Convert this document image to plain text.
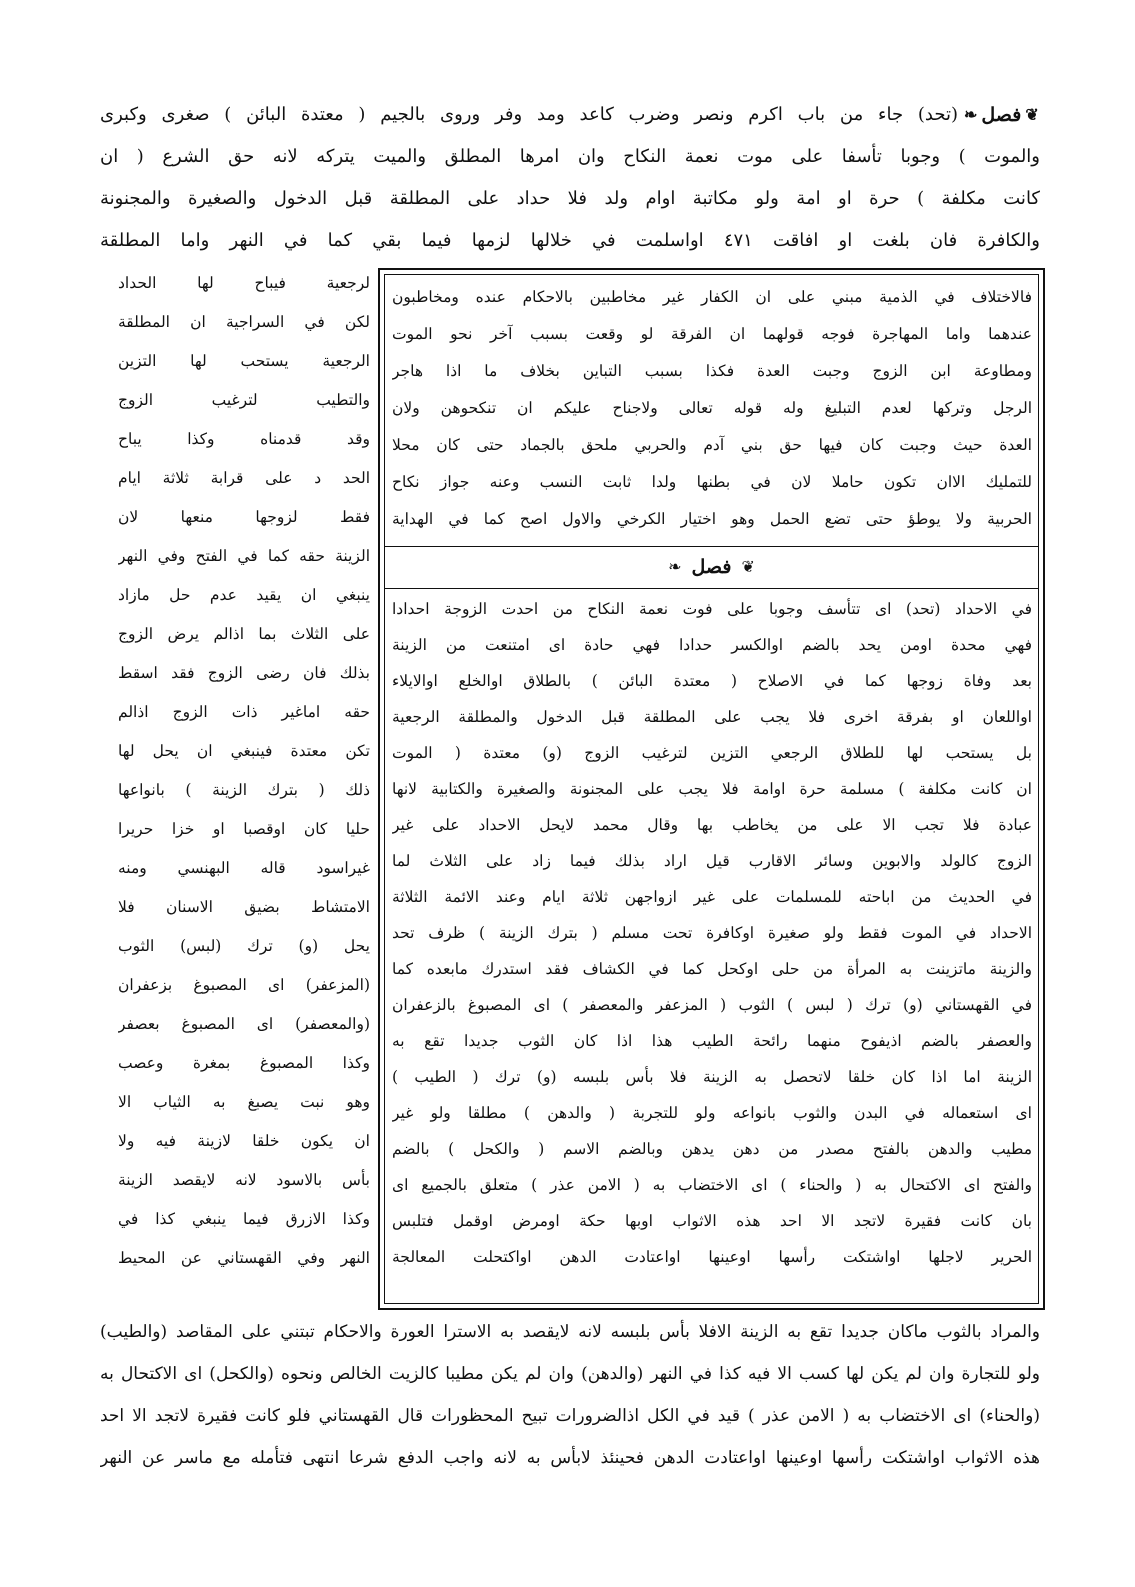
❦
فصل
❧
(تحد) جاء من باب اكرم ونصر وضرب كاعد ومد وفر وروى بالجيم ( معتدة البائن ) صغرى وكبرى
والموت ) وجوبا تأسفا على موت نعمة النكاح وان امرها المطلق والميت يتركه لانه حق الشرع ( ان
كانت مكلفة ) حرة او امة ولو مكاتبة اوام ولد فلا حداد على المطلقة قبل الدخول والصغيرة والمجنونة
والكافرة فان بلغت او افاقت ٤٧١ اواسلمت في خلالها لزمها فيما بقي كما في النهر واما المطلقة
لرجعية فيباح لها الحداد
لكن في السراجية ان المطلقة
الرجعية يستحب لها التزين
والتطيب لترغيب الزوج
وقد قدمناه وكذا يباح
الحد د على قرابة ثلاثة ايام
فقط لزوجها منعها لان
الزينة حقه كما في الفتح وفي النهر
ينبغي ان يقيد عدم حل مازاد
على الثلاث بما اذالم يرض الزوج
بذلك فان رضى الزوج فقد اسقط
حقه اماغير ذات الزوج اذالم
تكن معتدة فينبغي ان يحل لها
ذلك ( بترك الزينة ) بانواعها
حليا كان اوقصبا او خزا حريرا
غيراسود قاله البهنسي ومنه
الامتشاط بضيق الاسنان فلا
يحل (و) ترك (لبس) الثوب
(المزعفر) اى المصبوغ بزعفران
(والمعصفر) اى المصبوغ بعصفر
وكذا المصبوغ بمغرة وعصب
وهو نبت يصبغ به الثياب الا
ان يكون خلقا لازينة فيه ولا
بأس بالاسود لانه لايقصد الزينة
وكذا الازرق فيما ينبغي كذا في
النهر وفي القهستاني عن المحيط
فالاختلاف في الذمية مبني على ان الكفار غير مخاطبين بالاحكام عنده ومخاطبون
عندهما واما المهاجرة فوجه قولهما ان الفرقة لو وقعت بسبب آخر نحو الموت
ومطاوعة ابن الزوج وجبت العدة فكذا بسبب التباين بخلاف ما اذا هاجر
الرجل وتركها لعدم التبليغ وله قوله تعالى ولاجناح عليكم ان تنكحوهن ولان
العدة حيث وجبت كان فيها حق بني آدم والحربي ملحق بالجماد حتى كان محلا
للتمليك الاان تكون حاملا لان في بطنها ولدا ثابت النسب وعنه جواز نكاح
الحربية ولا يوطؤ حتى تضع الحمل وهو اختيار الكرخي والاول اصح كما في الهداية
❦
فصل
❧
في الاحداد (تحد) اى تتأسف وجوبا على فوت نعمة النكاح من احدت الزوجة احدادا
فهي محدة اومن يحد بالضم اوالكسر حدادا فهي حادة اى امتنعت من الزينة
بعد وفاة زوجها كما في الاصلاح ( معتدة البائن ) بالطلاق اوالخلع اوالايلاء
اواللعان او بفرقة اخرى فلا يجب على المطلقة قبل الدخول والمطلقة الرجعية
بل يستحب لها للطلاق الرجعي التزين لترغيب الزوج (و) معتدة ( الموت
ان كانت مكلفة ) مسلمة حرة اوامة فلا يجب على المجنونة والصغيرة والكتابية لانها
عبادة فلا تجب الا على من يخاطب بها وقال محمد لايحل الاحداد على غير
الزوج كالولد والابوين وسائر الاقارب قيل اراد بذلك فيما زاد على الثلاث لما
في الحديث من اباحته للمسلمات على غير ازواجهن ثلاثة ايام وعند الائمة الثلاثة
الاحداد في الموت فقط ولو صغيرة اوكافرة تحت مسلم ( بترك الزينة ) ظرف تحد
والزينة ماتزينت به المرأة من حلى اوكحل كما في الكشاف فقد استدرك مابعده كما
في القهستاني (و) ترك ( لبس ) الثوب ( المزعفر والمعصفر ) اى المصبوغ بالزعفران
والعصفر بالضم اذيفوح منهما رائحة الطيب هذا اذا كان الثوب جديدا تقع به
الزينة اما اذا كان خلقا لاتحصل به الزينة فلا بأس بلبسه (و) ترك ( الطيب )
اى استعماله في البدن والثوب بانواعه ولو للتجربة ( والدهن ) مطلقا ولو غير
مطيب والدهن بالفتح مصدر من دهن يدهن وبالضم الاسم ( والكحل ) بالضم
والفتح اى الاكتحال به ( والحناء ) اى الاختضاب به ( الامن عذر ) متعلق بالجميع اى
بان كانت فقيرة لاتجد الا احد هذه الاثواب اوبها حكة اومرض اوقمل فتلبس
الحرير لاجلها اواشتكت رأسها اوعينها اواعتادت الدهن اواكتحلت المعالجة
والمراد بالثوب ماكان جديدا تقع به الزينة الافلا بأس بلبسه لانه لايقصد به الاسترا العورة والاحكام تبتني على المقاصد (والطيب)
ولو للتجارة وان لم يكن لها كسب الا فيه كذا في النهر (والدهن) وان لم يكن مطيبا كالزيت الخالص ونحوه (والكحل) اى الاكتحال به
(والحناء) اى الاختضاب به ( الامن عذر ) قيد في الكل اذالضرورات تبيح المحظورات قال القهستاني فلو كانت فقيرة لاتجد الا احد
هذه الاثواب اواشتكت رأسها اوعينها اواعتادت الدهن فحينئذ لابأس به لانه واجب الدفع شرعا انتهى فتأمله مع ماسر عن النهر
